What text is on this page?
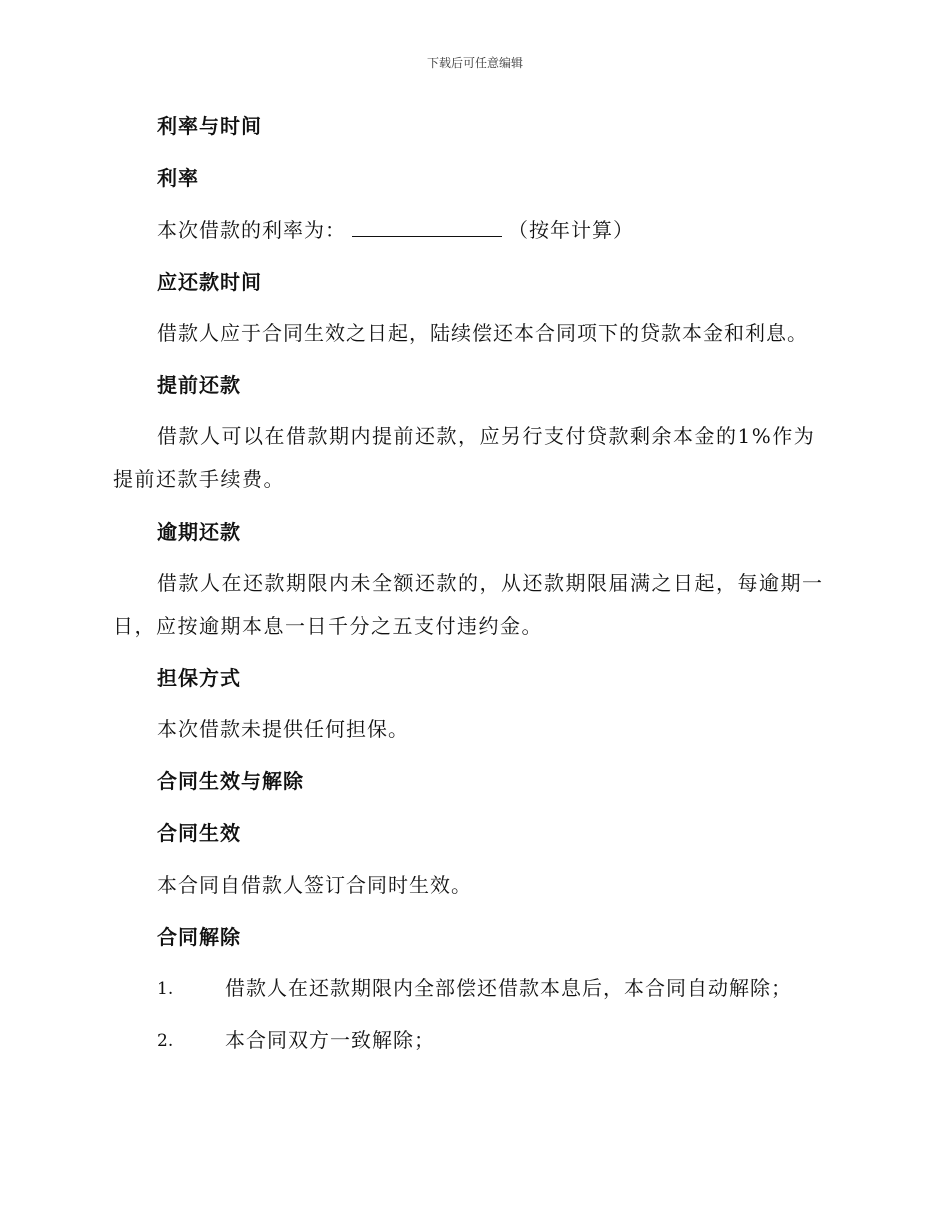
下载后可任意编辑
利率与时间
利率
本次借款的利率为：	（按年计算）
应还款时间
借款人应于合同生效之日起，陆续偿还本合同项下的贷款本金和利息。
提前还款
借款人可以在借款期内提前还款，应另行支付贷款剩余本金的1%作为提前还款手续费。
逾期还款
借款人在还款期限内未全额还款的，从还款期限届满之日起，每逾期一日，应按逾期本息一日千分之五支付违约金。
担保方式
本次借款未提供任何担保。
合同生效与解除
合同生效
本合同自借款人签订合同时生效。
合同解除
1.	借款人在还款期限内全部偿还借款本息后，本合同自动解除；
2.	本合同双方一致解除；
